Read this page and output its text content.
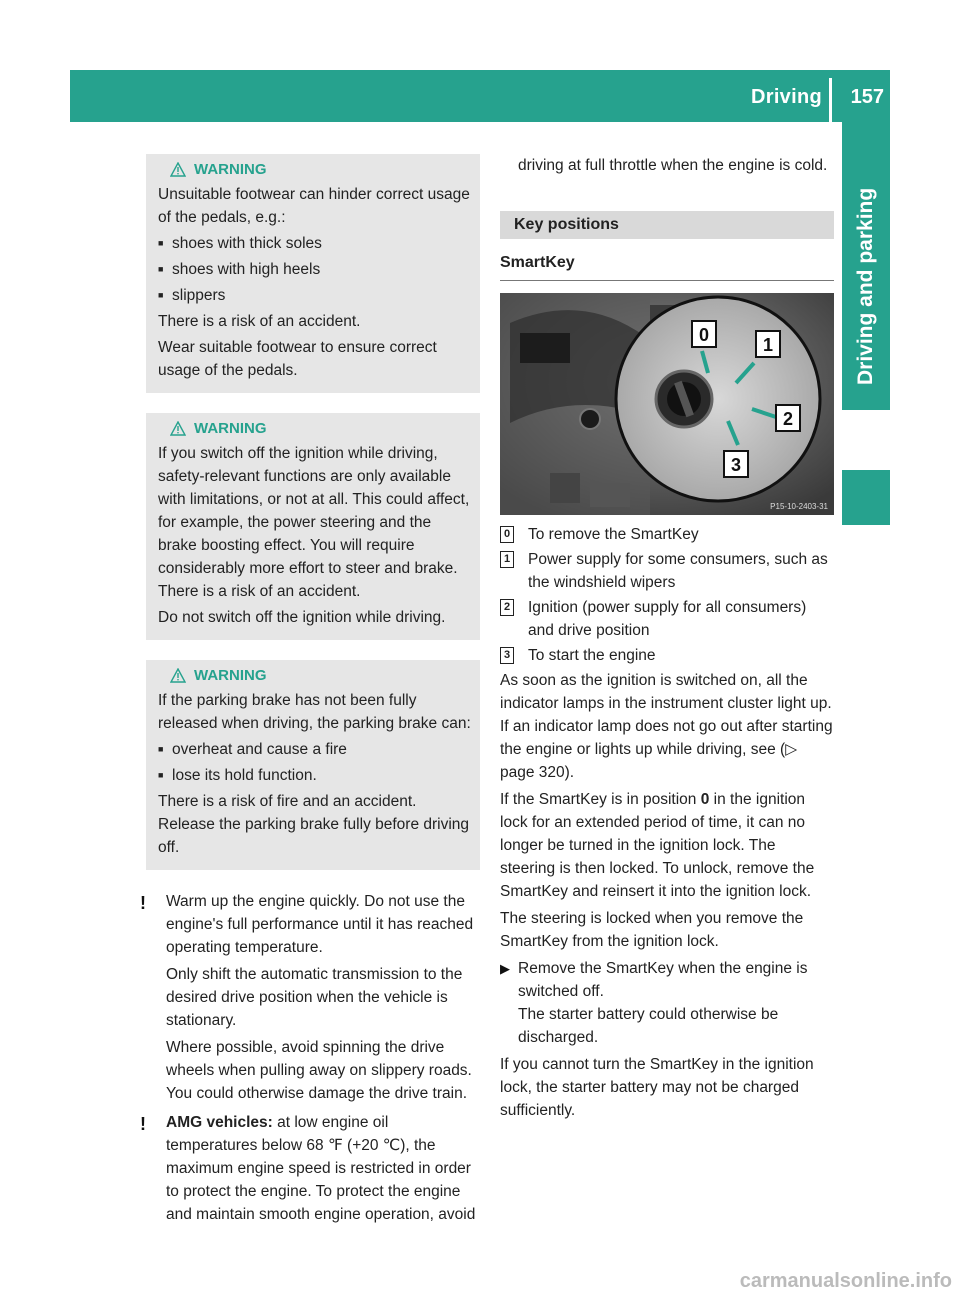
Driving 157
Driving and parking
WARNING

Unsuitable footwear can hinder correct usage of the pedals, e.g.:

■ shoes with thick soles
■ shoes with high heels
■ slippers

There is a risk of an accident.

Wear suitable footwear to ensure correct usage of the pedals.

WARNING

If you switch off the ignition while driving, safety-relevant functions are only available with limitations, or not at all. This could affect, for example, the power steering and the brake boosting effect. You will require considerably more effort to steer and brake. There is a risk of an accident.

Do not switch off the ignition while driving.

WARNING

If the parking brake has not been fully released when driving, the parking brake can:

■ overheat and cause a fire
■ lose its hold function.

There is a risk of fire and an accident. Release the parking brake fully before driving off.

! Warm up the engine quickly. Do not use the engine's full performance until it has reached operating temperature.

Only shift the automatic transmission to the desired drive position when the vehicle is stationary.

Where possible, avoid spinning the drive wheels when pulling away on slippery roads. You could otherwise damage the drive train.

! AMG vehicles: at low engine oil temperatures below 68 ℉ (+20 ℃), the maximum engine speed is restricted in order to protect the engine. To protect the engine and maintain smooth engine operation, avoid

driving at full throttle when the engine is cold.

Key positions
SmartKey
0	1
2
3
P15-10-2403-31
0 To remove the SmartKey
1 Power supply for some consumers, such as the windshield wipers
2 Ignition (power supply for all consumers) and drive position
3 To start the engine

As soon as the ignition is switched on, all the indicator lamps in the instrument cluster light up. If an indicator lamp does not go out after starting the engine or lights up while driving, see (▷ page 320).

If the SmartKey is in position 0 in the ignition lock for an extended period of time, it can no longer be turned in the ignition lock. The steering is then locked. To unlock, remove the SmartKey and reinsert it into the ignition lock.

The steering is locked when you remove the SmartKey from the ignition lock.

▶ Remove the SmartKey when the engine is switched off.
The starter battery could otherwise be discharged.

If you cannot turn the SmartKey in the ignition lock, the starter battery may not be charged sufficiently.

carmanualsonline.info
